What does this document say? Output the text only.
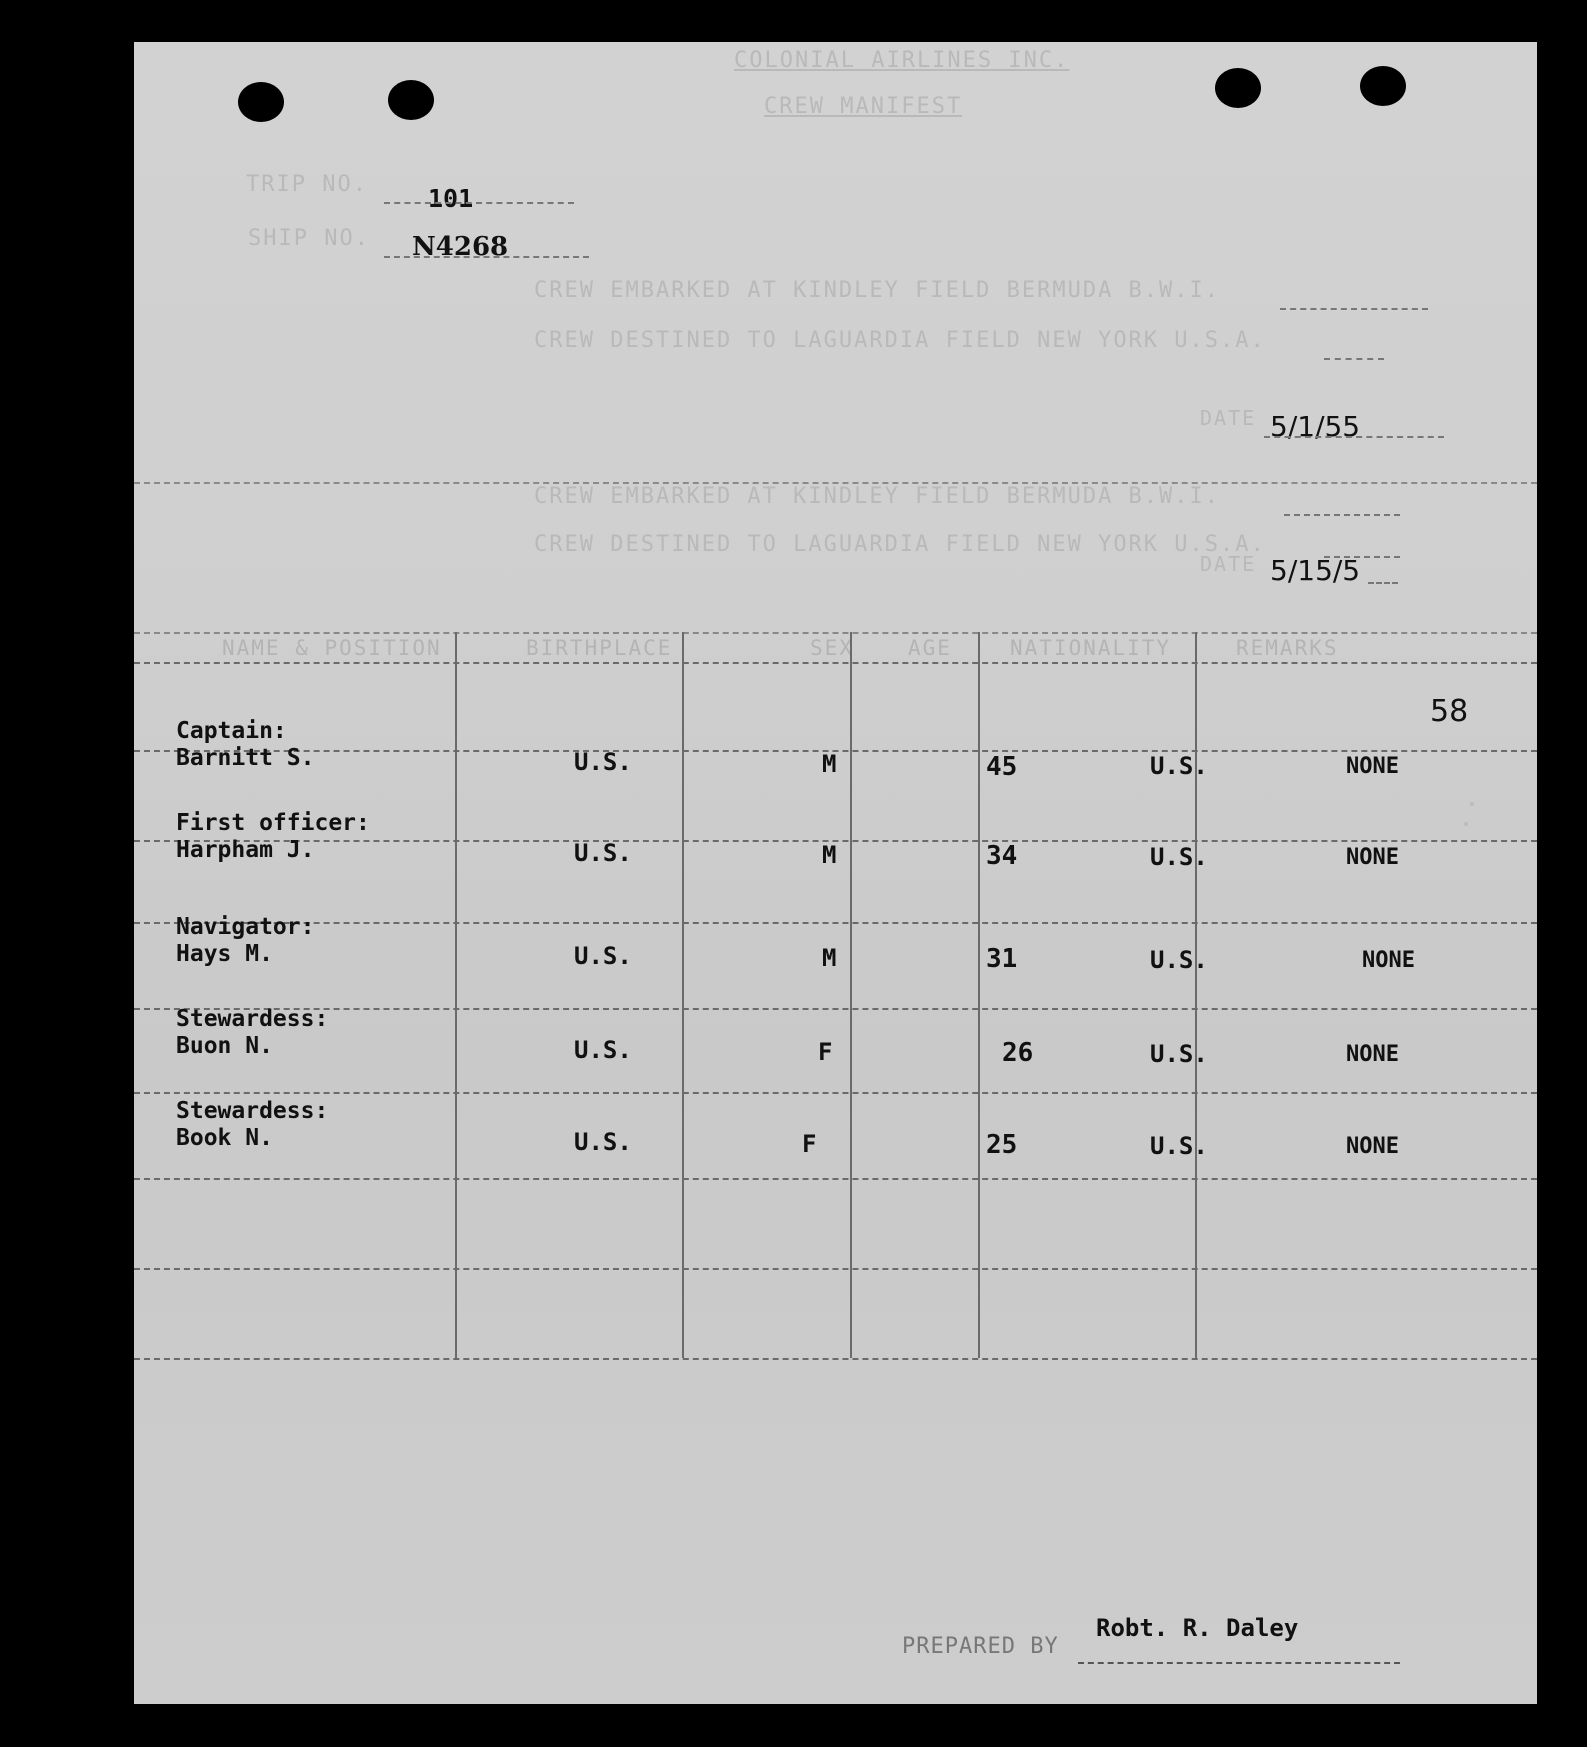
COLONIAL AIRLINES INC.
CREW MANIFEST
TRIP NO. 101
SHIP NO. N4268
CREW EMBARKED AT KINDLEY FIELD BERMUDA B.W.I.
CREW DESTINED TO LAGUARDIA FIELD NEW YORK U.S.A.
DATE 5/1/55
CREW EMBARKED AT KINDLEY FIELD BERMUDA B.W.I.
CREW DESTINED TO LAGUARDIA FIELD NEW YORK U.S.A.
DATE 5/15/5
NAME & POSITION	BIRTHPLACE	SEX	AGE	NATIONALITY	REMARKS
58
Captain:
Barnitt S.	U.S.	M	45	U.S.	NONE
First officer:
Harpham J.	U.S.	M	34	U.S.	NONE
Navigator:
Hays M.	U.S.	M	31	U.S.	NONE
Stewardess:
Buon N.	U.S.	F	26	U.S.	NONE
Stewardess:
Book N.	U.S.	F	25	U.S.	NONE
PREPARED BY
Robt. R. Daley
